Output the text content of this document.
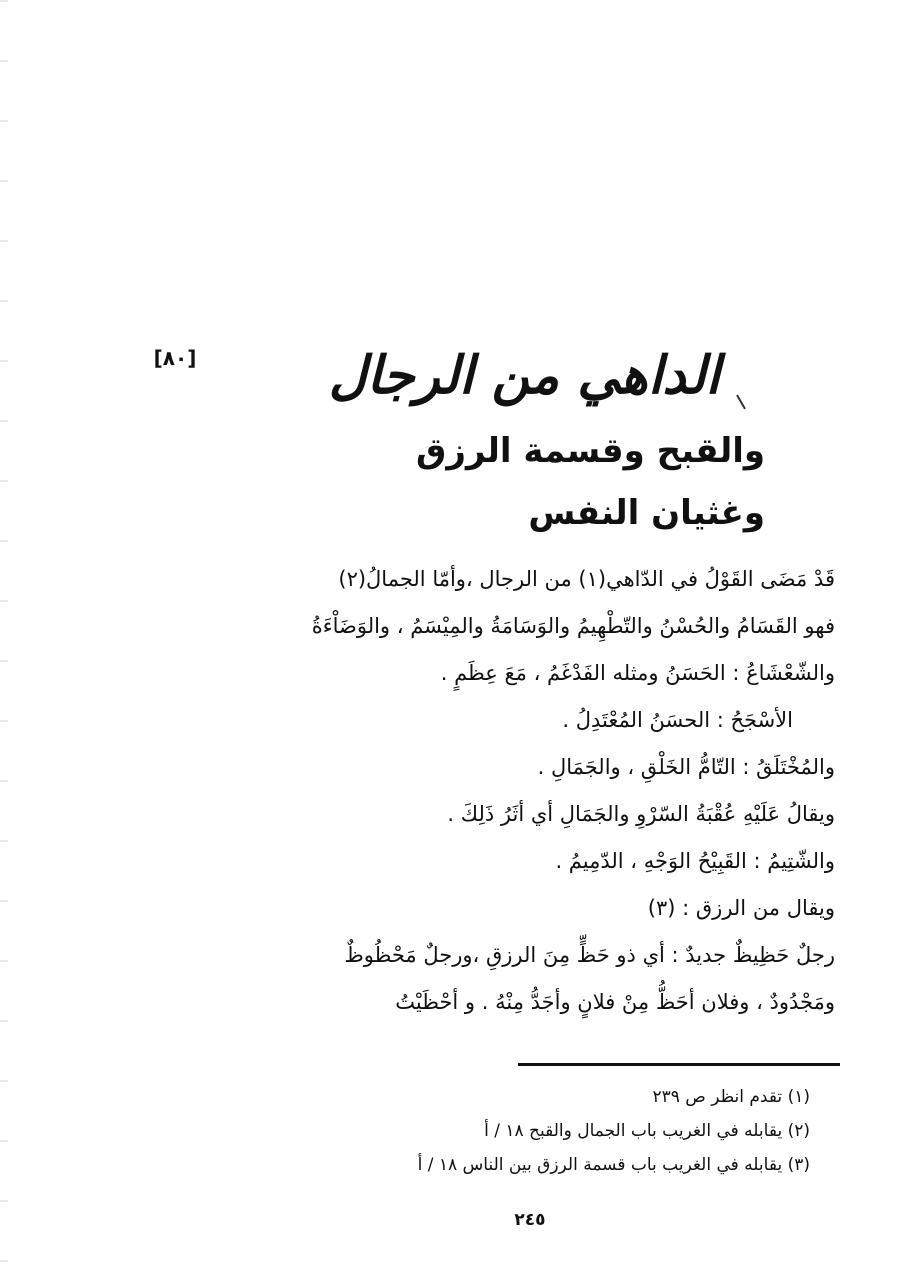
[٨٠]	الداهي من الرجال
والقبح وقسمة الرزق وغثيان النفس
قَدْ مَضَى القَوْلُ في الدّاهي(١) من الرجال ،وأمّا الجمالُ(٢)
فهو القَسَامُ والحُسْنُ والتّطْهِيمُ والوَسَامَةُ والمِيْسَمُ ، والوَضَاْءَةُ
والشّعْشَاعُ : الحَسَنُ ومثله الفَدْغَمُ ، مَعَ عِظَمٍ .
الأسْجَحُ : الحسَنُ المُعْتَدِلُ .
والمُخْتَلَقُ : التّامُّ الخَلْقِ ، والجَمَالِ .
ويقالُ عَلَيْهِ عُقْبَةُ السّرْوِ والجَمَالِ أي أثَرُ ذَلِكَ .
والشّتِيمُ : القَبِيْحُ الوَجْهِ ، الدّمِيمُ .
ويقال من الرزق : (٣)
رجلٌ حَظِيظٌ جديدٌ : أي ذو حَظٍّ مِنَ الرزقِ ،ورجلٌ مَحْظُوظٌ
ومَجْدُودٌ ، وفلان أحَظُّ مِنْ فلانٍ وأجَدُّ مِنْهُ . و أحْظَيْتُ
(١) تقدم انظر ص ٢٣٩
(٢) يقابله في الغريب باب الجمال والقبح ١٨ / أ
(٣) يقابله في الغريب باب قسمة الرزق بين الناس ١٨ / أ
٢٤٥
